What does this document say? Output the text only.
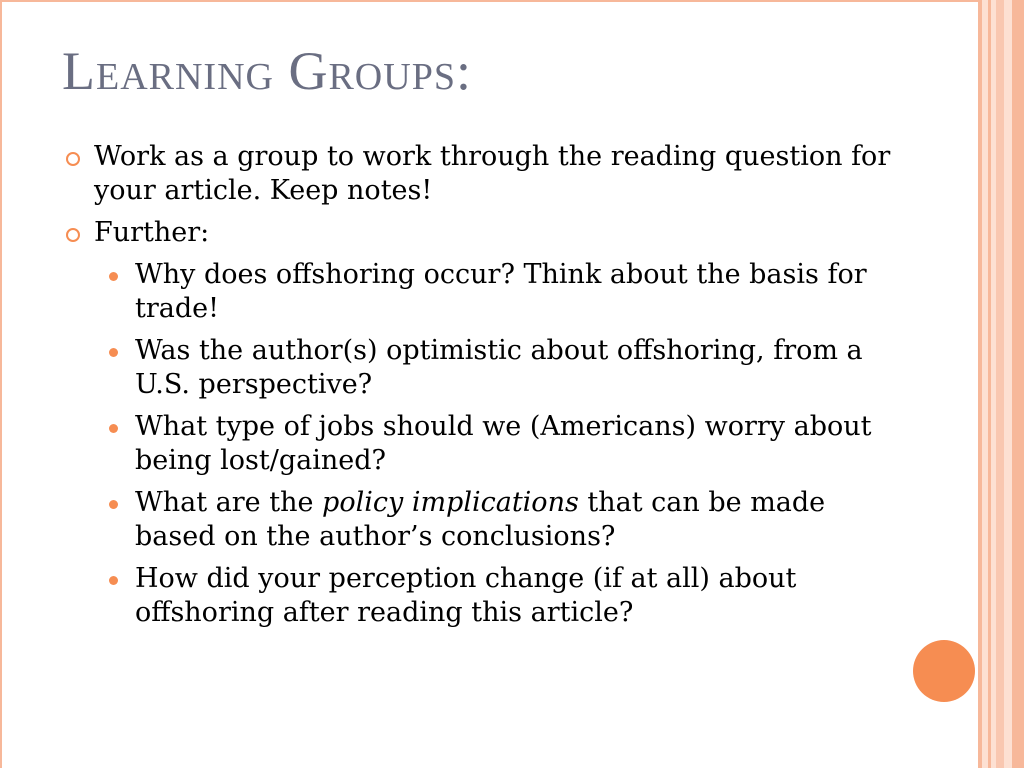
Learning Groups:
Work as a group to work through the reading question for your article. Keep notes!
Further:
Why does offshoring occur? Think about the basis for trade!
Was the author(s) optimistic about offshoring, from a U.S. perspective?
What type of jobs should we (Americans) worry about being lost/gained?
What are the policy implications that can be made based on the author’s conclusions?
How did your perception change (if at all) about offshoring after reading this article?
